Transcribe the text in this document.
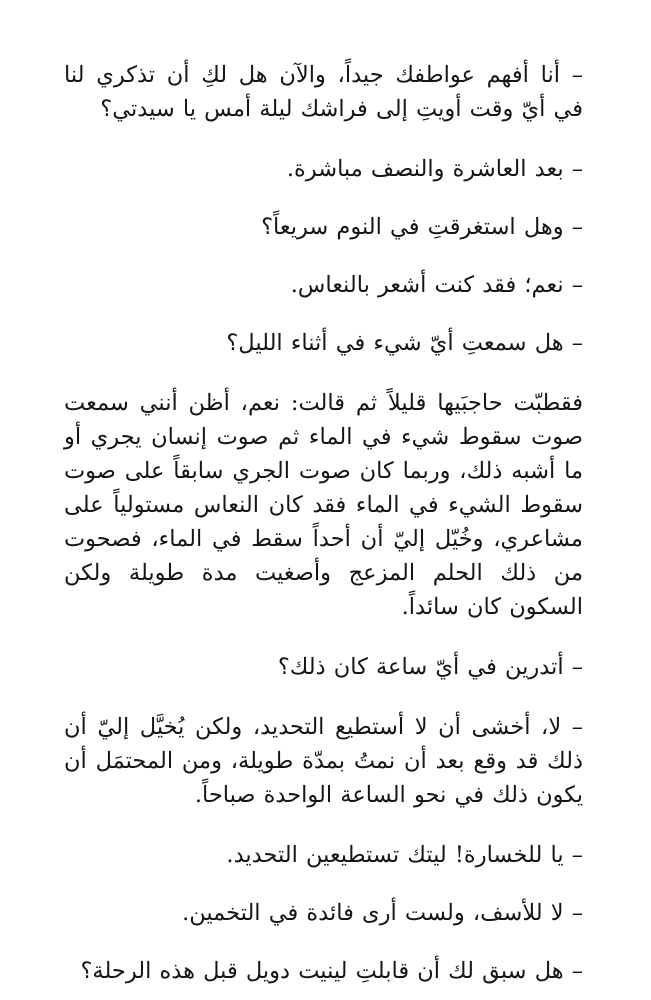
– أنا أفهم عواطفك جيداً، والآن هل لكِ أن تذكري لنا في أيّ وقت أويتِ إلى فراشك ليلة أمس يا سيدتي؟

– بعد العاشرة والنصف مباشرة.

– وهل استغرقتِ في النوم سريعاً؟

– نعم؛ فقد كنت أشعر بالنعاس.

– هل سمعتِ أيّ شيء في أثناء الليل؟

فقطبّت حاجبَيها قليلاً ثم قالت: نعم، أظن أنني سمعت صوت سقوط شيء في الماء ثم صوت إنسان يجري أو ما أشبه ذلك، وربما كان صوت الجري سابقاً على صوت سقوط الشيء في الماء فقد كان النعاس مستولياً على مشاعري، وخُيّل إليّ أن أحداً سقط في الماء، فصحوت من ذلك الحلم المزعج وأصغيت مدة طويلة ولكن السكون كان سائداً.

– أتدرين في أيّ ساعة كان ذلك؟

– لا، أخشى أن لا أستطيع التحديد، ولكن يُخيَّل إليّ أن ذلك قد وقع بعد أن نمتُ بمدّة طويلة، ومن المحتمَل أن يكون ذلك في نحو الساعة الواحدة صباحاً.

– يا للخسارة! ليتك تستطيعين التحديد.

– لا للأسف، ولست أرى فائدة في التخمين.

– هل سبق لك أن قابلتِ لينيت دويل قبل هذه الرحلة؟
